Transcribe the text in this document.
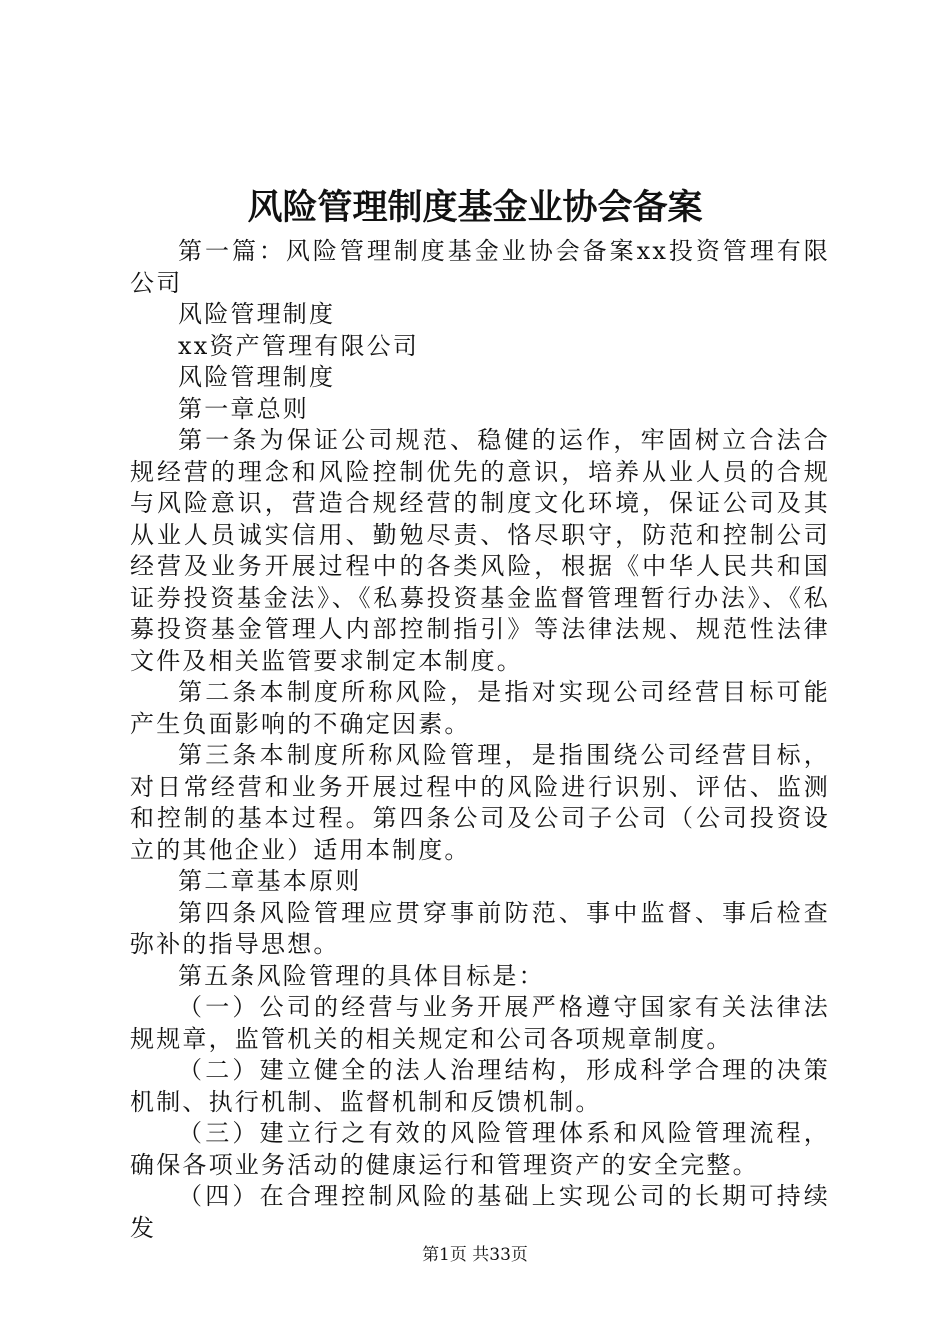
风险管理制度基金业协会备案

第一篇：风险管理制度基金业协会备案xx投资管理有限公司

风险管理制度

xx资产管理有限公司

风险管理制度

第一章总则

第一条为保证公司规范、稳健的运作，牢固树立合法合规经营的理念和风险控制优先的意识，培养从业人员的合规与风险意识，营造合规经营的制度文化环境，保证公司及其从业人员诚实信用、勤勉尽责、恪尽职守，防范和控制公司经营及业务开展过程中的各类风险，根据《中华人民共和国证券投资基金法》、《私募投资基金监督管理暂行办法》、《私募投资基金管理人内部控制指引》等法律法规、规范性法律文件及相关监管要求制定本制度。

第二条本制度所称风险，是指对实现公司经营目标可能产生负面影响的不确定因素。

第三条本制度所称风险管理，是指围绕公司经营目标，对日常经营和业务开展过程中的风险进行识别、评估、监测和控制的基本过程。第四条公司及公司子公司（公司投资设立的其他企业）适用本制度。

第二章基本原则

第四条风险管理应贯穿事前防范、事中监督、事后检查弥补的指导思想。

第五条风险管理的具体目标是：

（一）公司的经营与业务开展严格遵守国家有关法律法规规章，监管机关的相关规定和公司各项规章制度。

（二）建立健全的法人治理结构，形成科学合理的决策机制、执行机制、监督机制和反馈机制。

（三）建立行之有效的风险管理体系和风险管理流程，确保各项业务活动的健康运行和管理资产的安全完整。

（四）在合理控制风险的基础上实现公司的长期可持续发

第1页 共33页
